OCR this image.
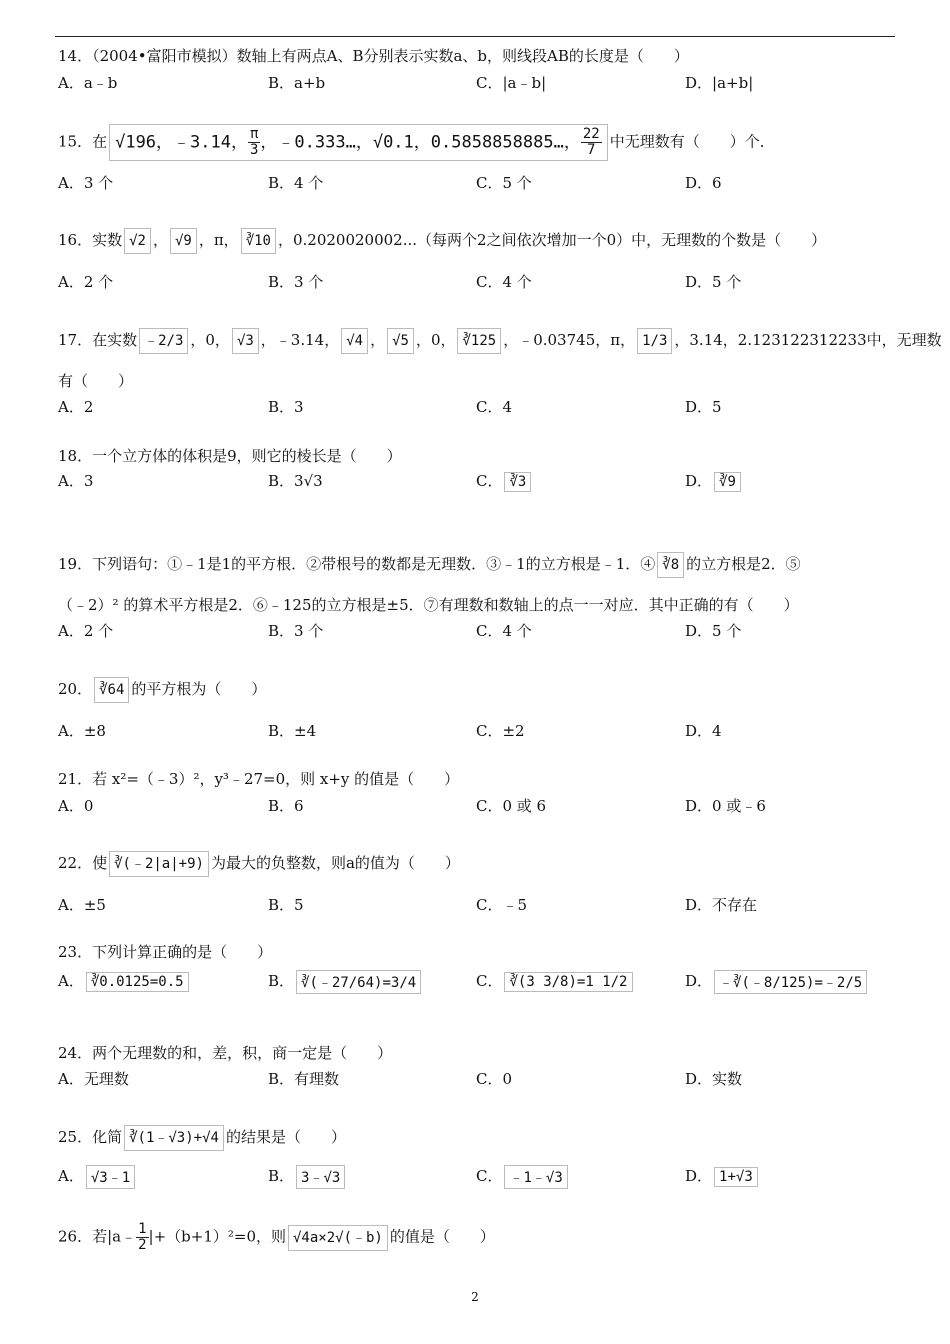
14．（2004•富阳市模拟）数轴上有两点A、B分别表示实数a、b，则线段AB的长度是（　　）
A．a﹣b	B．a+b	C．|a﹣b|	D．|a+b|
15．在 √196，﹣3.14， $\frac{\pi}{3}$ ，﹣0.333…，√0.1，0.5858858885…， $\frac{22}{7}$ 中无理数有（　　）个．
A．3 个	B．4 个	C．5 个	D．6
16．实数 √2 ， √9 ，π， ∛10 ，0.2020020002...（每两个2之间依次增加一个0）中，无理数的个数是（　　）
A．2 个	B．3 个	C．4 个	D．5 个
17．在实数 ﹣2/3 ，0， √3 ，﹣3.14， √4 ， √5 ，0， ∛125 ，﹣0.03745，π， 1/3 ，3.14，2.123122312233中，无理数
有（　　）
A．2	B．3	C．4	D．5
18．一个立方体的体积是9，则它的棱长是（　　）
A．3	B．3√3	C． ∛3	D． ∛9
19．下列语句：①﹣1是1的平方根．②带根号的数都是无理数．③﹣1的立方根是﹣1．④ ∛8 的立方根是2．⑤
（﹣2）² 的算术平方根是2．⑥﹣125的立方根是±5．⑦有理数和数轴上的点一一对应．其中正确的有（　　）
A．2 个	B．3 个	C．4 个	D．5 个
20． ∛64 的平方根为（　　）
A．±8	B．±4	C．±2	D．4
21．若 x²=（﹣3）²，y³﹣27=0，则 x+y 的值是（　　）
A．0	B．6	C．0 或 6	D．0 或﹣6
22．使 ∛(﹣2|a|+9) 为最大的负整数，则a的值为（　　）
A．±5	B．5	C．﹣5	D．不存在
23．下列计算正确的是（　　）
A． ∛0.0125=0.5	B． ∛(﹣27/64)=3/4	C． ∛(3 3/8)=1 1/2	D． ﹣∛(﹣8/125)=﹣2/5
24．两个无理数的和，差，积，商一定是（　　）
A．无理数	B．有理数	C．0	D．实数
25．化简 ∛(1﹣√3)+√4 的结果是（　　）
A． √3﹣1	B． 3﹣√3	C． ﹣1﹣√3	D． 1+√3
26．若|a﹣ $\frac{1}{2} |+(b+1)^2=0$，则 √4a×2√(﹣b) 的值是（　　）
2
